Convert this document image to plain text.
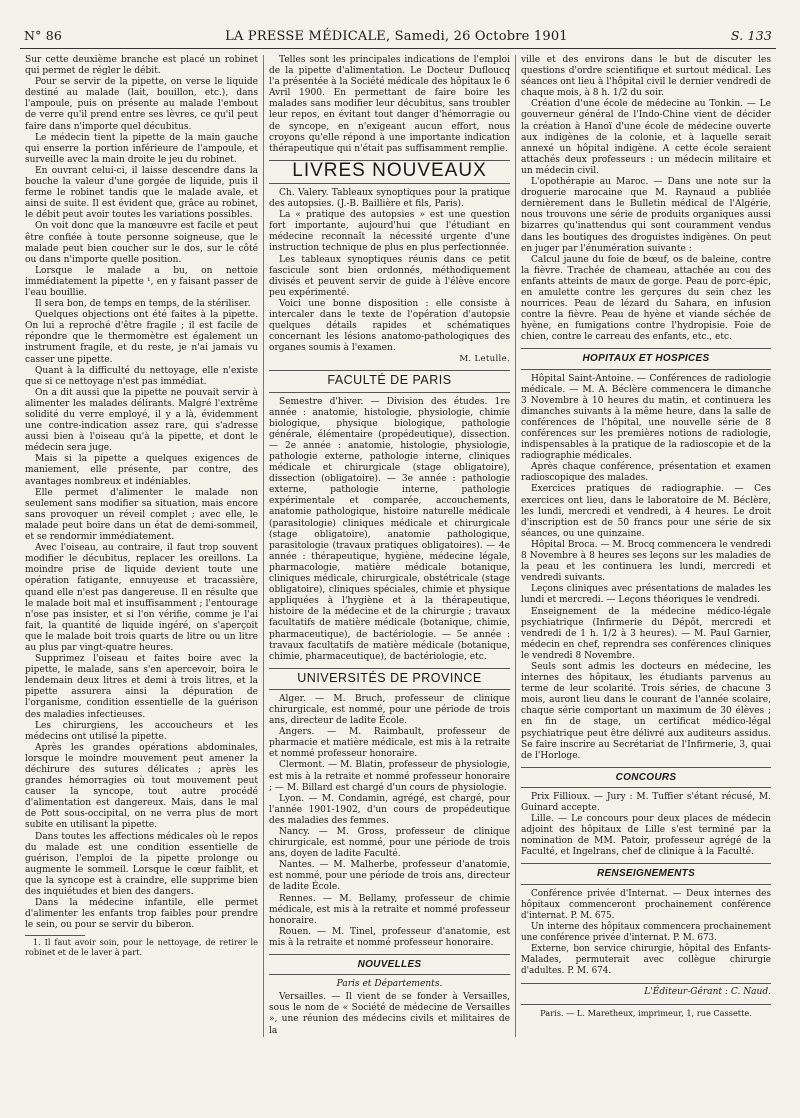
N° 86	LA PRESSE MÉDICALE, Samedi, 26 Octobre 1901	S. 133

Sur cette deuxième branche est placé un robinet qui permet de régler le débit.

Pour se servir de la pipette, on verse le liquide destiné au malade (lait, bouillon, etc.), dans l'ampoule, puis on présente au malade l'embout de verre qu'il prend entre ses lèvres, ce qu'il peut faire dans n'importe quel décubitus.

Le médecin tient la pipette de la main gauche qui enserre la portion inférieure de l'ampoule, et surveille avec la main droite le jeu du robinet.

En ouvrant celui-ci, il laisse descendre dans la bouche la valeur d'une gorgée de liquide, puis il ferme le robinet tandis que le malade avale, et ainsi de suite. Il est évident que, grâce au robinet, le débit peut avoir toutes les variations possibles.

On voit donc que la manœuvre est facile et peut être confiée à toute personne soigneuse, que le malade peut bien coucher sur le dos, sur le côté ou dans n'importe quelle position.

Lorsque le malade a bu, on nettoie immédiatement la pipette ¹, en y faisant passer de l'eau bouillie.

Il sera bon, de temps en temps, de la stériliser.

Quelques objections ont été faites à la pipette. On lui a reproché d'être fragile ; il est facile de répondre que le thermomètre est également un instrument fragile, et du reste, je n'ai jamais vu casser une pipette.

Quant à la difficulté du nettoyage, elle n'existe que si ce nettoyage n'est pas immédiat.

On a dit aussi que la pipette ne pouvait servir à alimenter les malades délirants. Malgré l'extrême solidité du verre employé, il y a là, évidemment une contre-indication assez rare, qui s'adresse aussi bien à l'oiseau qu'à la pipette, et dont le médecin sera juge.

Mais si la pipette a quelques exigences de maniement, elle présente, par contre, des avantages nombreux et indéniables.

Elle permet d'alimenter le malade non seulement sans modifier sa situation, mais encore sans provoquer un réveil complet ; avec elle, le malade peut boire dans un état de demi-sommeil, et se rendormir immédiatement.

Avec l'oiseau, au contraire, il faut trop souvent modifier le décubitus, replacer les oreillons. La moindre prise de liquide devient toute une opération fatigante, ennuyeuse et tracassière, quand elle n'est pas dangereuse. Il en résulte que le malade boit mal et insuffisamment ; l'entourage n'ose pas insister, et si l'on vérifie, comme je l'ai fait, la quantité de liquide ingéré, on s'aperçoit que le malade boit trois quarts de litre ou un litre au plus par vingt-quatre heures.

Supprimez l'oiseau et faites boire avec la pipette, le malade, sans s'en apercevoir, boira le lendemain deux litres et demi à trois litres, et la pipette assurera ainsi la dépuration de l'organisme, condition essentielle de la guérison des maladies infectieuses.

Les chirurgiens, les accoucheurs et les médecins ont utilisé la pipette.

Après les grandes opérations abdominales, lorsque le moindre mouvement peut amener la déchirure des sutures délicates ; après les grandes hémorragies où tout mouvement peut causer la syncope, tout autre procédé d'alimentation est dangereux. Mais, dans le mal de Pott sous-occipital, on ne verra plus de mort subite en utilisant la pipette.

Dans toutes les affections médicales où le repos du malade est une condition essentielle de guérison, l'emploi de la pipette prolonge ou augmente le sommeil. Lorsque le cœur faiblit, et que la syncope est à craindre, elle supprime bien des inquiétudes et bien des dangers.

Dans la médecine infantile, elle permet d'alimenter les enfants trop faibles pour prendre le sein, ou pour se servir du biberon.

1. Il faut avoir soin, pour le nettoyage, de retirer le robinet et de le laver à part.

Telles sont les principales indications de l'emploi de la pipette d'alimentation. Le Docteur Dufloucq l'a présentée à la Société médicale des hôpitaux le 6 Avril 1900. En permettant de faire boire les malades sans modifier leur décubitus, sans troubler leur repos, en évitant tout danger d'hémorragie ou de syncope, en n'exigeant aucun effort, nous croyons qu'elle répond à une importante indication thérapeutique qui n'était pas suffisamment remplie.

LIVRES NOUVEAUX

Ch. Valery. Tableaux synoptiques pour la pratique des autopsies. (J.-B. Baillière et fils, Paris).

La « pratique des autopsies » est une question fort importante, aujourd'hui que l'étudiant en médecine reconnaît la nécessité urgente d'une instruction technique de plus en plus perfectionnée.

Les tableaux synoptiques réunis dans ce petit fascicule sont bien ordonnés, méthodiquement divisés et peuvent servir de guide à l'élève encore peu expérimenté.

Voici une bonne disposition : elle consiste à intercaler dans le texte de l'opération d'autopsie quelques détails rapides et schématiques concernant les lésions anatomo-pathologiques des organes soumis à l'examen.

M. Letulle.
FACULTÉ DE PARIS

Semestre d'hiver. — Division des études. 1re année : anatomie, histologie, physiologie, chimie biologique, physique biologique, pathologie générale, élémentaire (propédeutique), dissection. — 2e année : anatomie, histologie, physiologie, pathologie externe, pathologie interne, cliniques médicale et chirurgicale (stage obligatoire), dissection (obligatoire). — 3e année : pathologie externe, pathologie interne, pathologie expérimentale et comparée, accouchements, anatomie pathologique, histoire naturelle médicale (parasitologie) cliniques médicale et chirurgicale (stage obligatoire), anatomie pathologique, parasitologie (travaux pratiques obligatoires). — 4e année : thérapeutique, hygiène, médecine légale, pharmacologie, matière médicale botanique, cliniques médicale, chirurgicale, obstétricale (stage obligatoire), cliniques spéciales, chimie et physique appliquées à l'hygiène et à la thérapeutique, histoire de la médecine et de la chirurgie ; travaux facultatifs de matière médicale (botanique, chimie, pharmaceutique), de bactériologie. — 5e année : travaux facultatifs de matière médicale (botanique, chimie, pharmaceutique), de bactériologie, etc.

UNIVERSITÉS DE PROVINCE

Alger. — M. Bruch, professeur de clinique chirurgicale, est nommé, pour une période de trois ans, directeur de ladite École.

Angers. — M. Raimbault, professeur de pharmacie et matière médicale, est mis à la retraite et nommé professeur honoraire.

Clermont. — M. Blatin, professeur de physiologie, est mis à la retraite et nommé professeur honoraire ; — M. Billard est chargé d'un cours de physiologie.

Lyon. — M. Condamin, agrégé, est chargé, pour l'année 1901-1902, d'un cours de propédeutique des maladies des femmes.

Nancy. — M. Gross, professeur de clinique chirurgicale, est nommé, pour une période de trois ans, doyen de ladite Faculté.

Nantes. — M. Malherbe, professeur d'anatomie, est nommé, pour une période de trois ans, directeur de ladite École.

Rennes. — M. Bellamy, professeur de chimie médicale, est mis à la retraite et nommé professeur honoraire.

Rouen. — M. Tinel, professeur d'anatomie, est mis à la retraite et nommé professeur honoraire.

NOUVELLES
Paris et Départements.

Versailles. — Il vient de se fonder à Versailles, sous le nom de « Société de médecine de Versailles », une réunion des médecins civils et militaires de la

ville et des environs dans le but de discuter les questions d'ordre scientifique et surtout médical. Les séances ont lieu à l'hôpital civil le dernier vendredi de chaque mois, à 8 h. 1/2 du soir.

Création d'une école de médecine au Tonkin. — Le gouverneur général de l'Indo-Chine vient de décider la création à Hanoï d'une école de médecine ouverte aux indigènes de la colonie, et à laquelle serait annexé un hôpital indigène. A cette école seraient attachés deux professeurs : un médecin militaire et un médecin civil.

L'opothérapie au Maroc. — Dans une note sur la droguerie marocaine que M. Raynaud a publiée dernièrement dans le Bulletin médical de l'Algérie, nous trouvons une série de produits organiques aussi bizarres qu'inattendus qui sont couramment vendus dans les boutiques des droguistes indigènes. On peut en juger par l'énumération suivante :

Calcul jaune du foie de bœuf, os de baleine, contre la fièvre. Trachée de chameau, attachée au cou des enfants atteints de maux de gorge. Peau de porc-épic, en amulette contre les gerçures du sein chez les nourrices. Peau de lézard du Sahara, en infusion contre la fièvre. Peau de hyène et viande séchée de hyène, en fumigations contre l'hydropisie. Foie de chien, contre le carreau des enfants, etc., etc.

HOPITAUX ET HOSPICES

Hôpital Saint-Antoine. — Conférences de radiologie médicale. — M. A. Béclère commencera le dimanche 3 Novembre à 10 heures du matin, et continuera les dimanches suivants à la même heure, dans la salle de conférences de l'hôpital, une nouvelle série de 8 conférences sur les premières notions de radiologie, indispensables à la pratique de la radioscopie et de la radiographie médicales.

Après chaque conférence, présentation et examen radioscopique des malades.

Exercices pratiques de radiographie. — Ces exercices ont lieu, dans le laboratoire de M. Béclère, les lundi, mercredi et vendredi, à 4 heures. Le droit d'inscription est de 50 francs pour une série de six séances, ou une quinzaine.

Hôpital Broca. — M. Brocq commencera le vendredi 8 Novembre à 8 heures ses leçons sur les maladies de la peau et les continuera les lundi, mercredi et vendredi suivants.

Leçons cliniques avec présentations de malades les lundi et mercredi. — Leçons théoriques le vendredi.

Enseignement de la médecine médico-légale psychiatrique (Infirmerie du Dépôt, mercredi et vendredi de 1 h. 1/2 à 3 heures). — M. Paul Garnier, médecin en chef, reprendra ses conférences cliniques le vendredi 8 Novembre.

Seuls sont admis les docteurs en médecine, les internes des hôpitaux, les étudiants parvenus au terme de leur scolarité. Trois séries, de chacune 3 mois, auront lieu dans le courant de l'année scolaire, chaque série comportant un maximum de 30 élèves ; en fin de stage, un certificat médico-légal psychiatrique peut être délivré aux auditeurs assidus. Se faire inscrire au Secrétariat de l'Infirmerie, 3, quai de l'Horloge.

CONCOURS

Prix Fillioux. — Jury : M. Tuffier s'étant récusé, M. Guinard accepte.

Lille. — Le concours pour deux places de médecin adjoint des hôpitaux de Lille s'est terminé par la nomination de MM. Patoir, professeur agrégé de la Faculté, et Ingelrans, chef de clinique à la Faculté.

RENSEIGNEMENTS

Conférence privée d'Internat. — Deux internes des hôpitaux commenceront prochainement conférence d'internat. P. M. 675.

Un interne des hôpitaux commencera prochainement une conférence privée d'internat. P. M. 673.

Externe, bon service chirurgie, hôpital des Enfants-Malades, permuterait avec collègue chirurgie d'adultes. P. M. 674.

L'Éditeur-Gérant : C. Naud.
Paris. — L. Maretheux, imprimeur, 1, rue Cassette.
